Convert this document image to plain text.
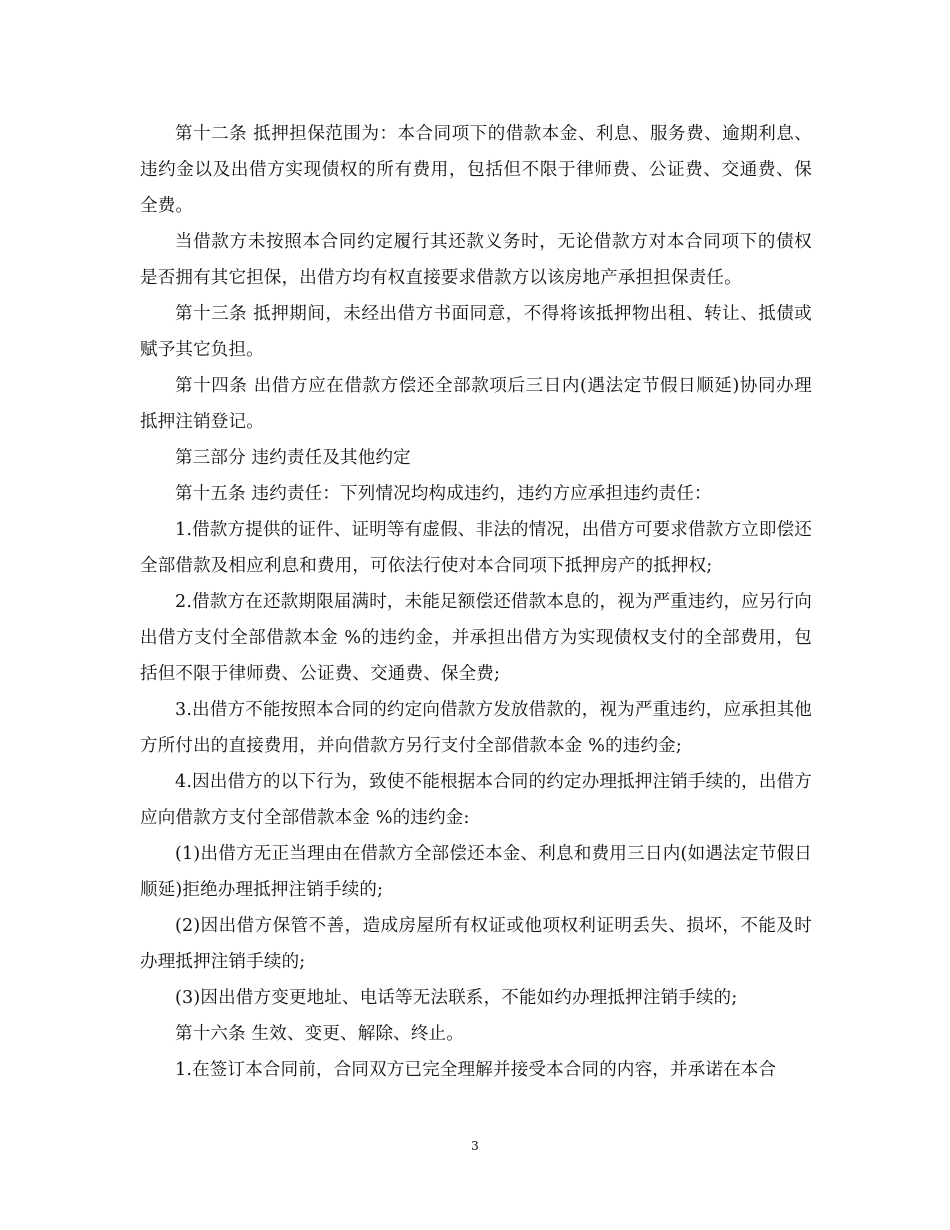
第十二条 抵押担保范围为：本合同项下的借款本金、利息、服务费、逾期利息、违约金以及出借方实现债权的所有费用，包括但不限于律师费、公证费、交通费、保全费。

当借款方未按照本合同约定履行其还款义务时，无论借款方对本合同项下的债权是否拥有其它担保，出借方均有权直接要求借款方以该房地产承担担保责任。

第十三条 抵押期间，未经出借方书面同意，不得将该抵押物出租、转让、抵债或赋予其它负担。

第十四条 出借方应在借款方偿还全部款项后三日内(遇法定节假日顺延)协同办理抵押注销登记。

第三部分 违约责任及其他约定

第十五条 违约责任：下列情况均构成违约，违约方应承担违约责任：

1.借款方提供的证件、证明等有虚假、非法的情况，出借方可要求借款方立即偿还全部借款及相应利息和费用，可依法行使对本合同项下抵押房产的抵押权;

2.借款方在还款期限届满时，未能足额偿还借款本息的，视为严重违约，应另行向出借方支付全部借款本金 %的违约金，并承担出借方为实现债权支付的全部费用，包括但不限于律师费、公证费、交通费、保全费;

3.出借方不能按照本合同的约定向借款方发放借款的，视为严重违约，应承担其他方所付出的直接费用，并向借款方另行支付全部借款本金 %的违约金;

4.因出借方的以下行为，致使不能根据本合同的约定办理抵押注销手续的，出借方应向借款方支付全部借款本金 %的违约金:

(1)出借方无正当理由在借款方全部偿还本金、利息和费用三日内(如遇法定节假日顺延)拒绝办理抵押注销手续的;

(2)因出借方保管不善，造成房屋所有权证或他项权利证明丢失、损坏，不能及时办理抵押注销手续的;

(3)因出借方变更地址、电话等无法联系，不能如约办理抵押注销手续的;

第十六条 生效、变更、解除、终止。

1.在签订本合同前，合同双方已完全理解并接受本合同的内容，并承诺在本合

3
